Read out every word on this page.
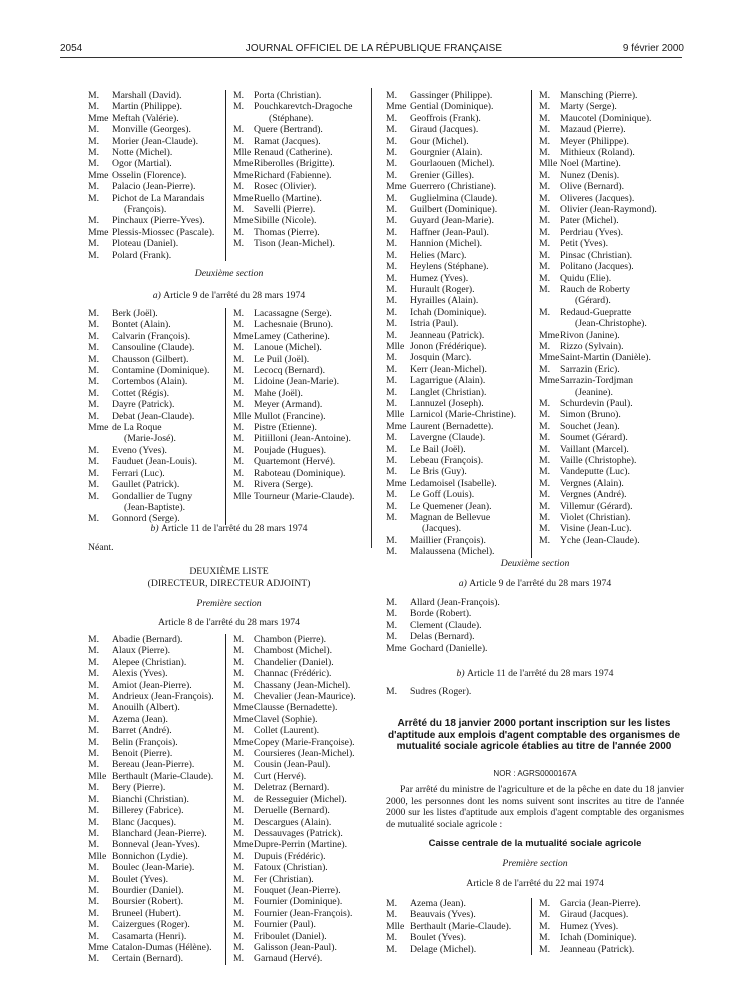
2054	JOURNAL OFFICIEL DE LA RÉPUBLIQUE FRANÇAISE	9 février 2000
M.	Marshall (David).
M.	Martin (Philippe).
Mme Meftah (Valérie).
M.	Monville (Georges).
M.	Morier (Jean-Claude).
M.	Notte (Michel).
M.	Ogor (Martial).
Mme Osselin (Florence).
M.	Palacio (Jean-Pierre).
M.	Pichot de La Marandais
(François).
M.	Pinchaux (Pierre-Yves).
Mme Plessis-Miossec (Pascale).
M.	Ploteau (Daniel).
M.	Polard (Frank).
M.	Porta (Christian).
M.	Pouchkarevtch-Dragoche
(Stéphane).
M.	Quere (Bertrand).
M.	Ramat (Jacques).
Mlle Renaud (Catherine).
Mme Riberolles (Brigitte).
Mme Richard (Fabienne).
M.	Rosec (Olivier).
Mme Ruello (Martine).
M.	Savelli (Pierre).
Mme Sibille (Nicole).
M.	Thomas (Pierre).
M.	Tison (Jean-Michel).
Deuxième section
a) Article 9 de l'arrêté du 28 mars 1974
M.	Berk (Joël).
M.	Bontet (Alain).
M.	Calvarin (François).
M.	Cansouline (Claude).
M.	Chausson (Gilbert).
M.	Contamine (Dominique).
M.	Cortembos (Alain).
M.	Cottet (Régis).
M.	Dayre (Patrick).
M.	Debat (Jean-Claude).
Mme de La Roque
(Marie-José).
M.	Eveno (Yves).
M.	Fauduet (Jean-Louis).
M.	Ferrari (Luc).
M.	Gaullet (Patrick).
M.	Gondallier de Tugny
(Jean-Baptiste).
M.	Gonnord (Serge).
M.	Lacassagne (Serge).
M.	Lachesnaie (Bruno).
Mme Lamey (Catherine).
M.	Lanoue (Michel).
M.	Le Puil (Joël).
M.	Lecocq (Bernard).
M.	Lidoine (Jean-Marie).
M.	Mahe (Joël).
M.	Meyer (Armand).
Mlle Mullot (Francine).
M.	Pistre (Etienne).
M.	Pitiilloni (Jean-Antoine).
M.	Poujade (Hugues).
M.	Quartemont (Hervé).
M.	Raboteau (Dominique).
M.	Rivera (Serge).
Mlle Tourneur (Marie-Claude).
b) Article 11 de l'arrêté du 28 mars 1974
Néant.
DEUXIÈME LISTE
(DIRECTEUR, DIRECTEUR ADJOINT)
Première section
Article 8 de l'arrêté du 28 mars 1974
M.	Abadie (Bernard).
M.	Alaux (Pierre).
M.	Alepee (Christian).
M.	Alexis (Yves).
M.	Amiot (Jean-Pierre).
M.	Andrieux (Jean-François).
M.	Anouilh (Albert).
M.	Azema (Jean).
M.	Barret (André).
M.	Belin (François).
M.	Benoit (Pierre).
M.	Bereau (Jean-Pierre).
Mlle Berthault (Marie-Claude).
M.	Bery (Pierre).
M.	Bianchi (Christian).
M.	Billerey (Fabrice).
M.	Blanc (Jacques).
M.	Blanchard (Jean-Pierre).
M.	Bonneval (Jean-Yves).
Mlle Bonnichon (Lydie).
M.	Boulec (Jean-Marie).
M.	Boulet (Yves).
M.	Bourdier (Daniel).
M.	Boursier (Robert).
M.	Bruneel (Hubert).
M.	Caizergues (Roger).
M.	Casamarta (Henri).
Mme Catalon-Dumas (Hélène).
M.	Certain (Bernard).
M.	Chambon (Pierre).
M.	Chambost (Michel).
M.	Chandelier (Daniel).
M.	Channac (Frédéric).
M.	Chassany (Jean-Michel).
M.	Chevalier (Jean-Maurice).
Mme Clausse (Bernadette).
Mme Clavel (Sophie).
M.	Collet (Laurent).
Mme Copey (Marie-Françoise).
M.	Coursieres (Jean-Michel).
M.	Cousin (Jean-Paul).
M.	Curt (Hervé).
M.	Deletraz (Bernard).
M.	de Resseguier (Michel).
M.	Deruelle (Bernard).
M.	Descargues (Alain).
M.	Dessauvages (Patrick).
Mme Dupre-Perrin (Martine).
M.	Dupuis (Frédéric).
M.	Fatoux (Christian).
M.	Fer (Christian).
M.	Fouquet (Jean-Pierre).
M.	Fournier (Dominique).
M.	Fournier (Jean-François).
M.	Fournier (Paul).
M.	Friboulet (Daniel).
M.	Galisson (Jean-Paul).
M.	Garnaud (Hervé).
M.	Gassinger (Philippe).
Mme Gential (Dominique).
M.	Geoffrois (Frank).
M.	Giraud (Jacques).
M.	Gour (Michel).
M.	Gourgnier (Alain).
M.	Gourlaouen (Michel).
M.	Grenier (Gilles).
Mme Guerrero (Christiane).
M.	Guglielmina (Claude).
M.	Guilbert (Dominique).
M.	Guyard (Jean-Marie).
M.	Haffner (Jean-Paul).
M.	Hannion (Michel).
M.	Helies (Marc).
M.	Heylens (Stéphane).
M.	Humez (Yves).
M.	Hurault (Roger).
M.	Hyrailles (Alain).
M.	Ichah (Dominique).
M.	Istria (Paul).
M.	Jeanneau (Patrick).
Mlle Jonon (Frédérique).
M.	Josquin (Marc).
M.	Kerr (Jean-Michel).
M.	Lagarrigue (Alain).
M.	Langlet (Christian).
M.	Lannuzel (Joseph).
Mlle Larnicol (Marie-Christine).
Mme Laurent (Bernadette).
M.	Lavergne (Claude).
M.	Le Bail (Joël).
M.	Lebeau (François).
M.	Le Bris (Guy).
Mme Ledamoisel (Isabelle).
M.	Le Goff (Louis).
M.	Le Quemener (Jean).
M.	Magnan de Bellevue
(Jacques).
M.	Maillier (François).
M.	Malaussena (Michel).
M.	Mansching (Pierre).
M.	Marty (Serge).
M.	Maucotel (Dominique).
M.	Mazaud (Pierre).
M.	Meyer (Philippe).
M.	Mithieux (Roland).
Mlle Noel (Martine).
M.	Nunez (Denis).
M.	Olive (Bernard).
M.	Oliveres (Jacques).
M.	Olivier (Jean-Raymond).
M.	Pater (Michel).
M.	Perdriau (Yves).
M.	Petit (Yves).
M.	Pinsac (Christian).
M.	Politano (Jacques).
M.	Quidu (Elie).
M.	Rauch de Roberty
(Gérard).
M.	Redaud-Guepratte
(Jean-Christophe).
Mme Rivon (Janine).
M.	Rizzo (Sylvain).
Mme Saint-Martin (Danièle).
M.	Sarrazin (Eric).
Mme Sarrazin-Tordjman
(Jeanine).
M.	Schurdevin (Paul).
M.	Simon (Bruno).
M.	Souchet (Jean).
M.	Soumet (Gérard).
M.	Vaillant (Marcel).
M.	Vaille (Christophe).
M.	Vandeputte (Luc).
M.	Vergnes (Alain).
M.	Vergnes (André).
M.	Villemur (Gérard).
M.	Violet (Christian).
M.	Visine (Jean-Luc).
M.	Yche (Jean-Claude).
Deuxième section
a) Article 9 de l'arrêté du 28 mars 1974
M.	Allard (Jean-François).
M.	Borde (Robert).
M.	Clement (Claude).
M.	Delas (Bernard).
Mme Gochard (Danielle).
b) Article 11 de l'arrêté du 28 mars 1974
M.	Sudres (Roger).
Arrêté du 18 janvier 2000 portant inscription sur les listes d'aptitude aux emplois d'agent comptable des organismes de mutualité sociale agricole établies au titre de l'année 2000
NOR : AGRS0000167A
Par arrêté du ministre de l'agriculture et de la pêche en date du 18 janvier 2000, les personnes dont les noms suivent sont inscrites au titre de l'année 2000 sur les listes d'aptitude aux emplois d'agent comptable des organismes de mutualité sociale agricole :
Caisse centrale de la mutualité sociale agricole
Première section
Article 8 de l'arrêté du 22 mai 1974
M.	Azema (Jean).
M.	Beauvais (Yves).
Mlle Berthault (Marie-Claude).
M.	Boulet (Yves).
M.	Delage (Michel).
M.	Garcia (Jean-Pierre).
M.	Giraud (Jacques).
M.	Humez (Yves).
M.	Ichah (Dominique).
M.	Jeanneau (Patrick).
